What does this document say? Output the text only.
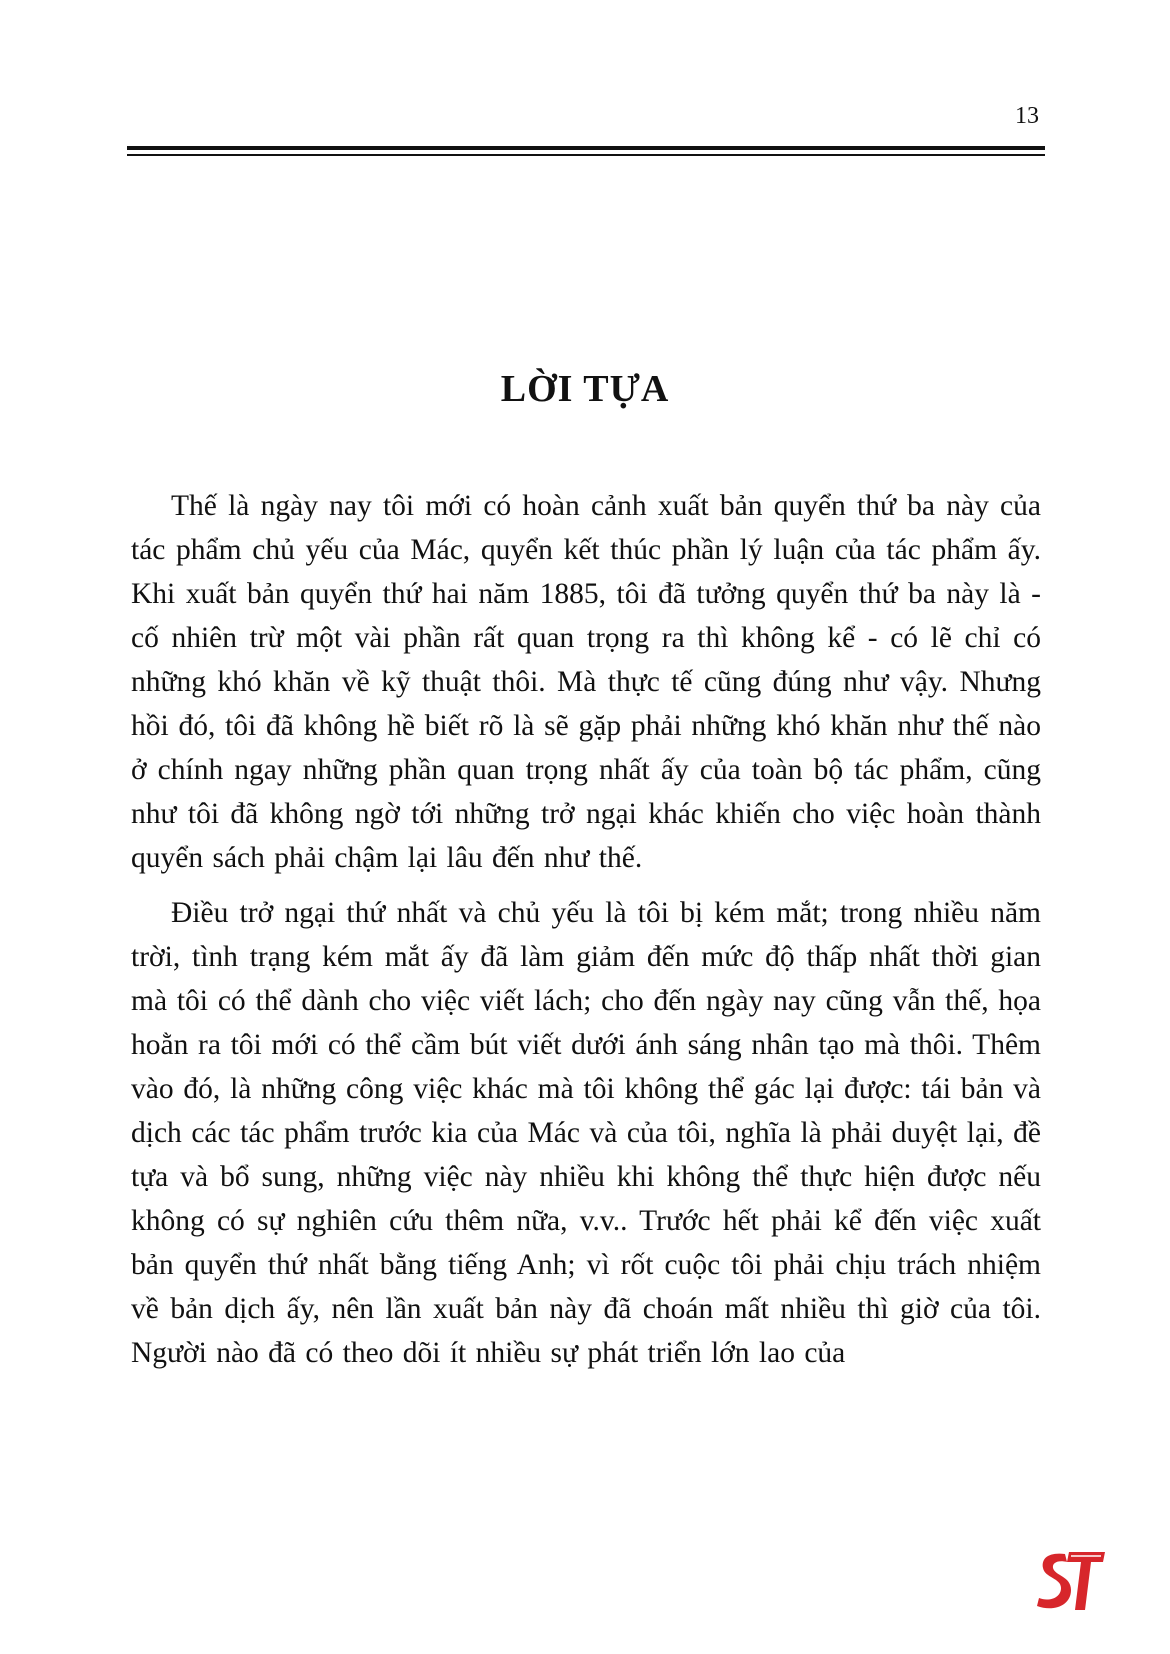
13
LỜI TỰA

Thế là ngày nay tôi mới có hoàn cảnh xuất bản quyển thứ ba này của tác phẩm chủ yếu của Mác, quyển kết thúc phần lý luận của tác phẩm ấy. Khi xuất bản quyển thứ hai năm 1885, tôi đã tưởng quyển thứ ba này là - cố nhiên trừ một vài phần rất quan trọng ra thì không kể - có lẽ chỉ có những khó khăn về kỹ thuật thôi. Mà thực tế cũng đúng như vậy. Nhưng hồi đó, tôi đã không hề biết rõ là sẽ gặp phải những khó khăn như thế nào ở chính ngay những phần quan trọng nhất ấy của toàn bộ tác phẩm, cũng như tôi đã không ngờ tới những trở ngại khác khiến cho việc hoàn thành quyển sách phải chậm lại lâu đến như thế.

Điều trở ngại thứ nhất và chủ yếu là tôi bị kém mắt; trong nhiều năm trời, tình trạng kém mắt ấy đã làm giảm đến mức độ thấp nhất thời gian mà tôi có thể dành cho việc viết lách; cho đến ngày nay cũng vẫn thế, họa hoằn ra tôi mới có thể cầm bút viết dưới ánh sáng nhân tạo mà thôi. Thêm vào đó, là những công việc khác mà tôi không thể gác lại được: tái bản và dịch các tác phẩm trước kia của Mác và của tôi, nghĩa là phải duyệt lại, đề tựa và bổ sung, những việc này nhiều khi không thể thực hiện được nếu không có sự nghiên cứu thêm nữa, v.v.. Trước hết phải kể đến việc xuất bản quyển thứ nhất bằng tiếng Anh; vì rốt cuộc tôi phải chịu trách nhiệm về bản dịch ấy, nên lần xuất bản này đã choán mất nhiều thì giờ của tôi. Người nào đã có theo dõi ít nhiều sự phát triển lớn lao của
